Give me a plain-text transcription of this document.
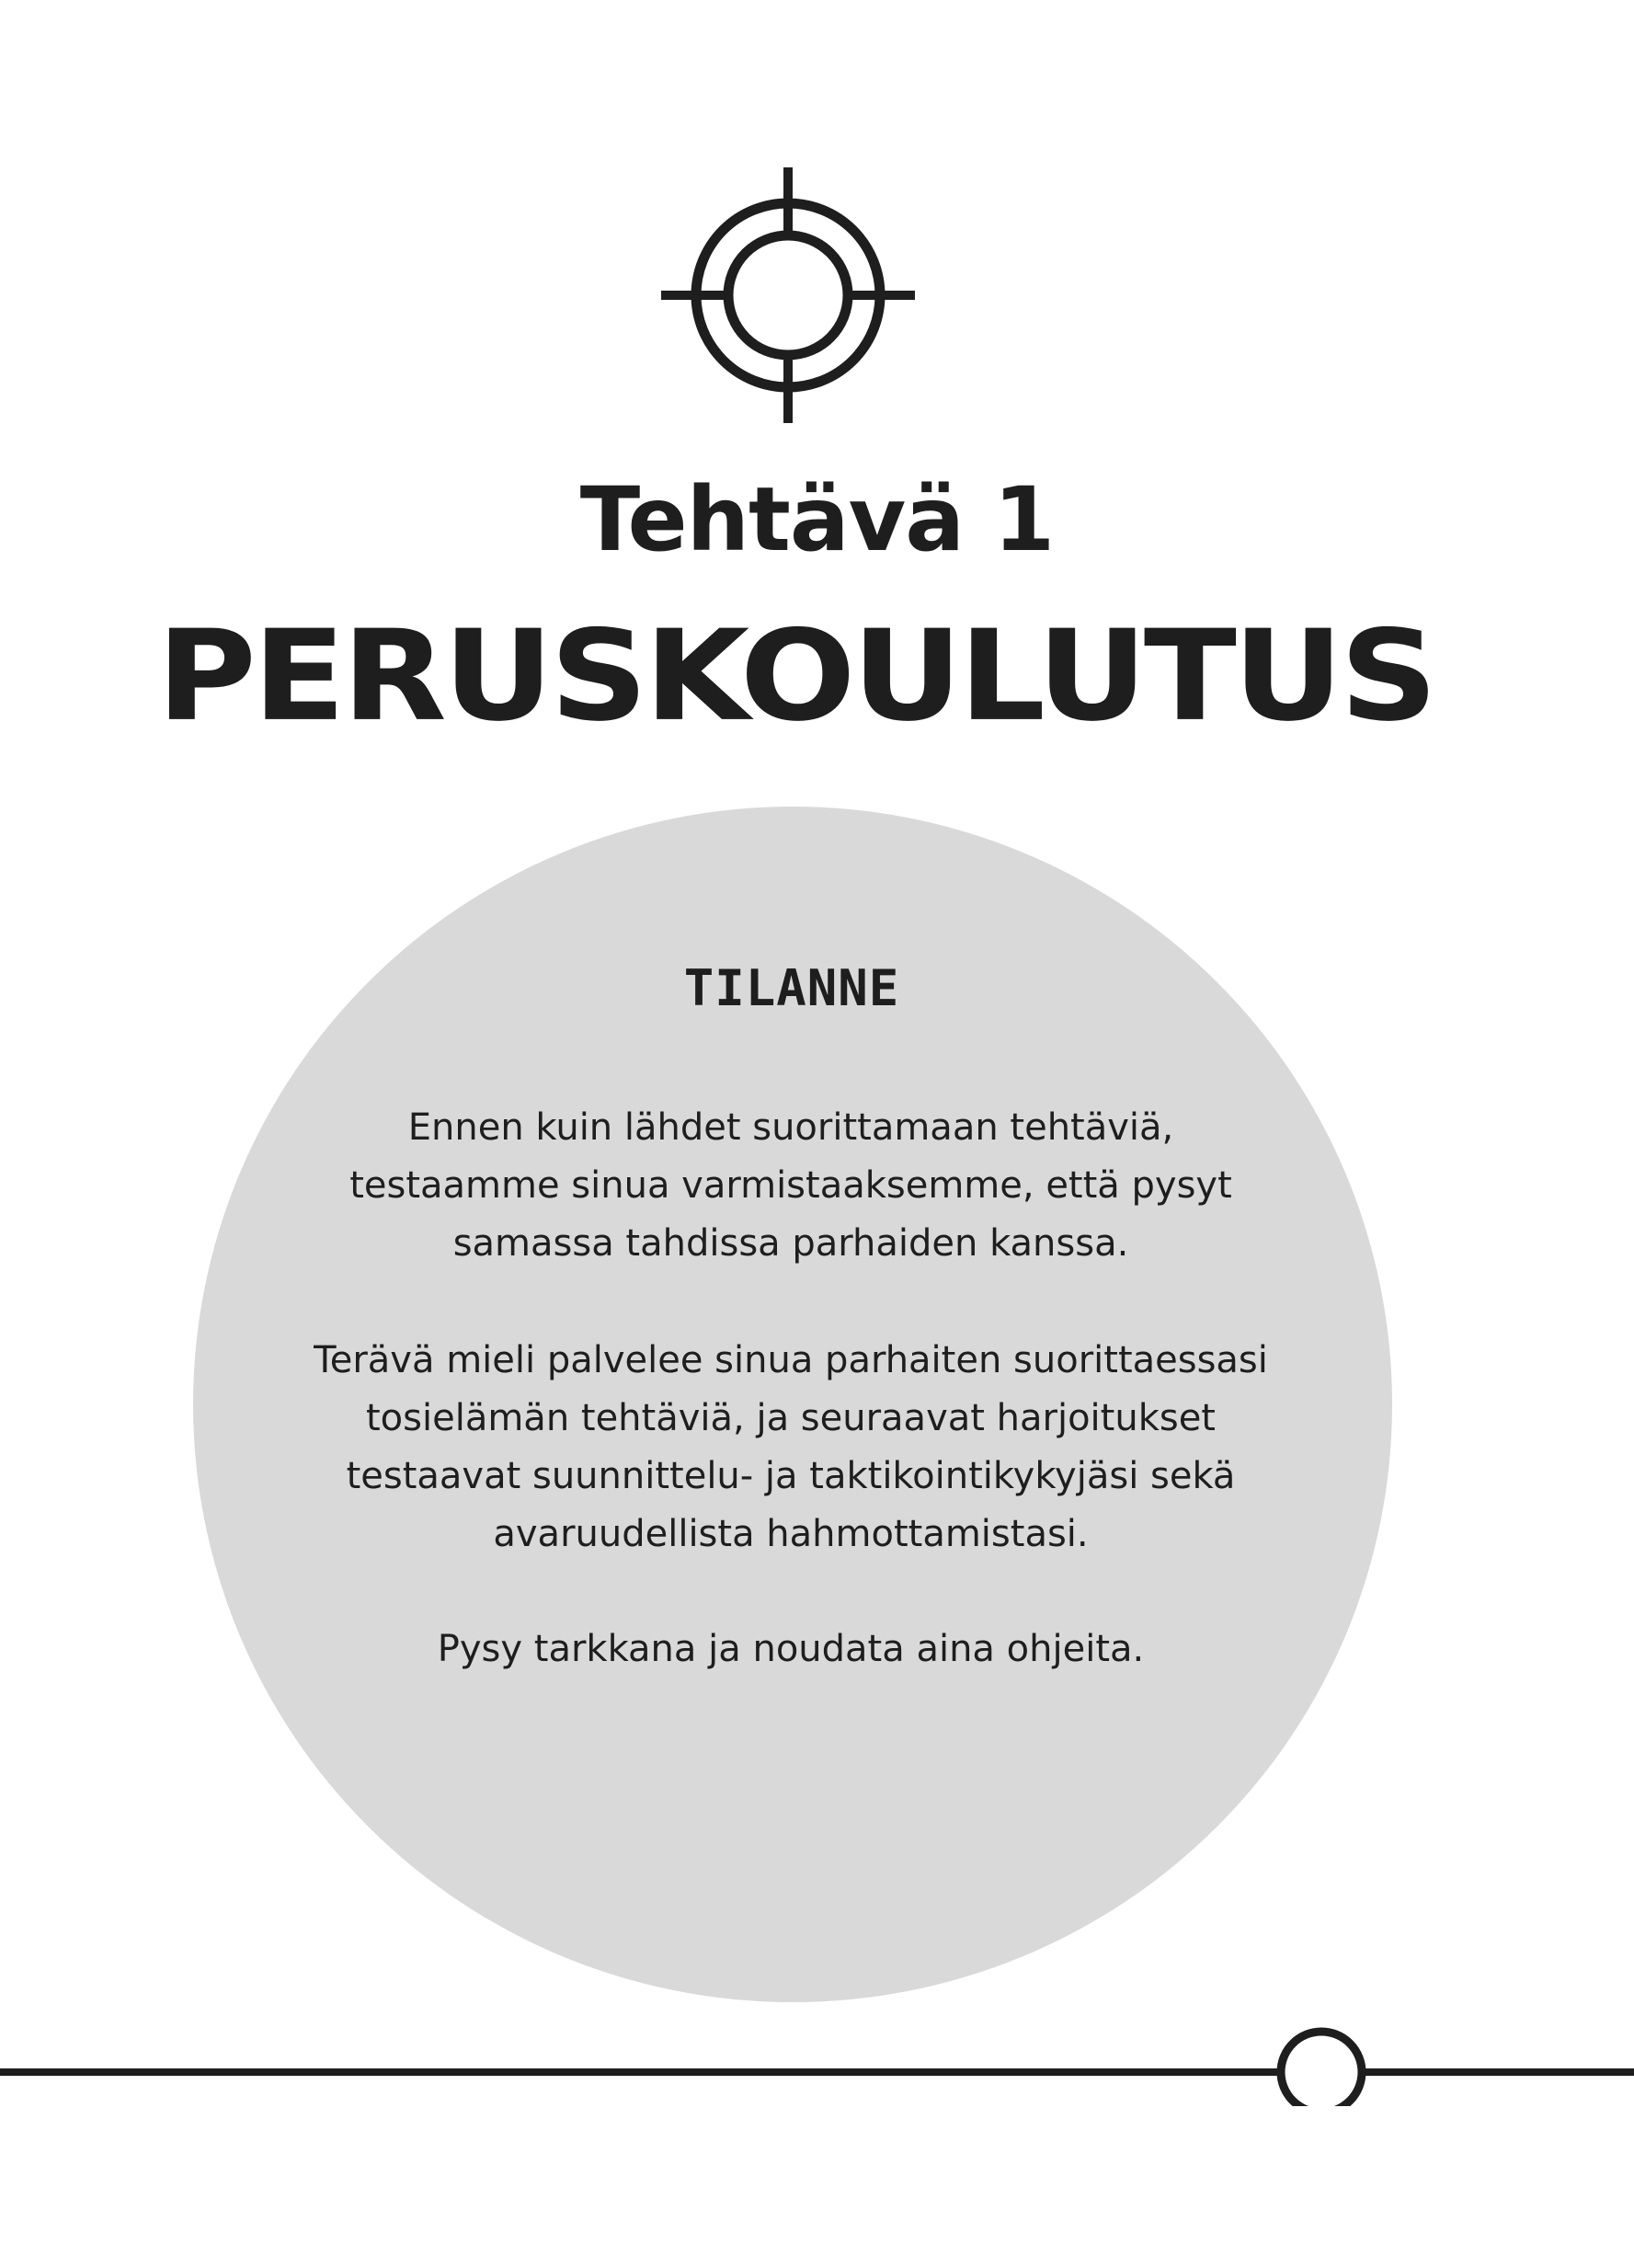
Tehtävä 1
PERUSKOULUTUS
TILANNE
Ennen kuin lähdet suorittamaan tehtäviä,
testaamme sinua varmistaaksemme, että pysyt
samassa tahdissa parhaiden kanssa.
Terävä mieli palvelee sinua parhaiten suorittaessasi
tosielämän tehtäviä, ja seuraavat harjoitukset
testaavat suunnittelu- ja taktikointikykyjäsi sekä
avaruudellista hahmottamistasi.
Pysy tarkkana ja noudata aina ohjeita.
